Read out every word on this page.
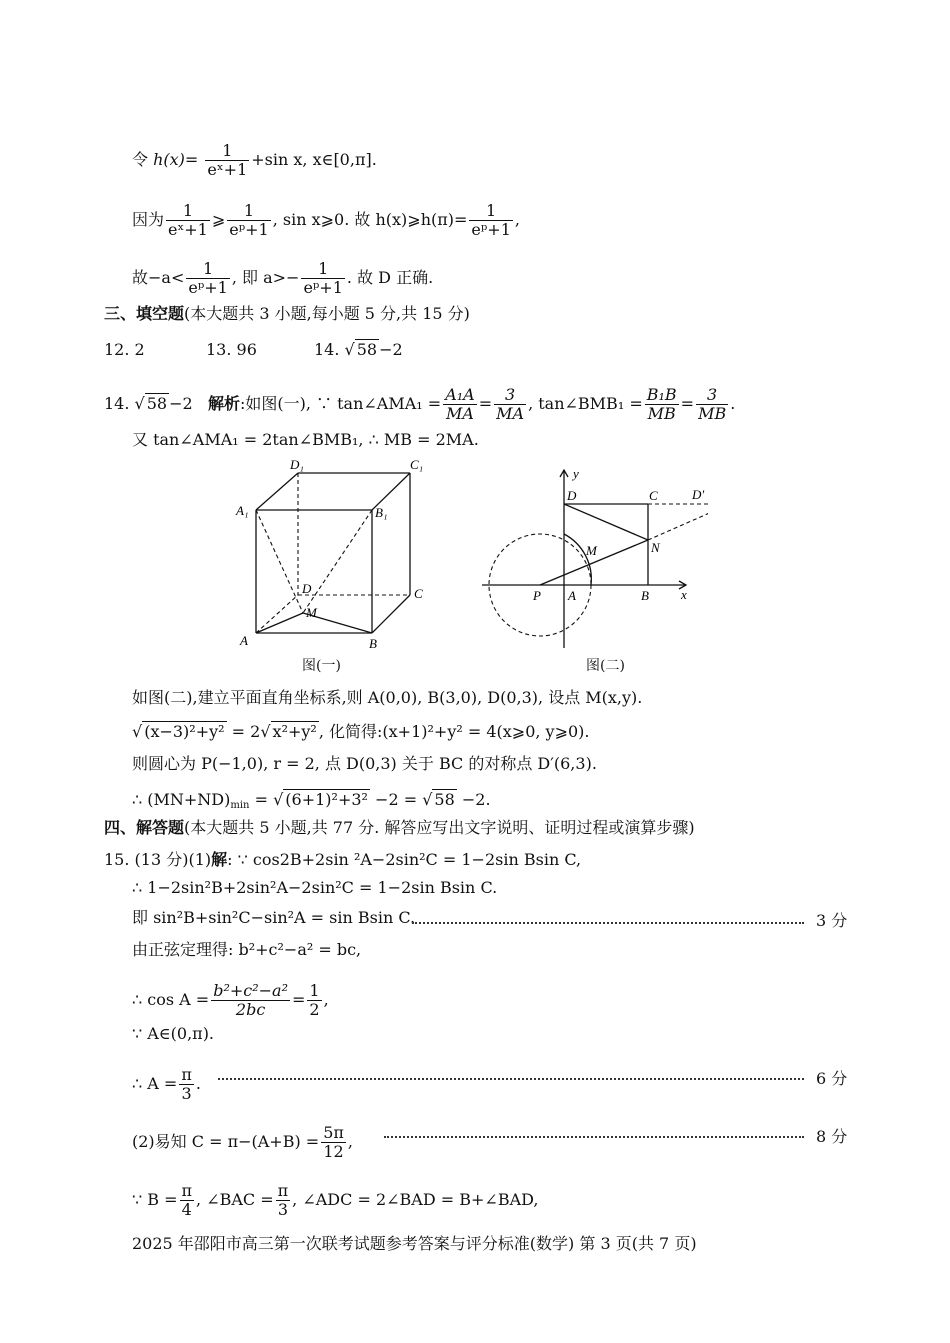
令 $h(x)= \frac{1}{\text{eˣ+1}} +\sin$ x, x∈[0,π].
因为 $\frac{1}{\text{eˣ+1}}$ ⩾ $\frac{1}{\text{eᵖ+1}}$ , sin x⩾0. 故 h(x)⩾h(π)= $\frac{1}{\text{eᵖ+1}}$ ,
故$-a< \frac{1}{\text{eᵖ+1}}$ , 即 $a>- \frac{1}{\text{eᵖ+1}}$ . 故 D 正确.
三、填空题(本大题共 3 小题,每小题 5 分,共 15 分)
12. 2	13. 96	14. √ 58 −2
14. √ 58 −2 解析:如图(一), ∵ tan∠AMA₁ = $\frac{\text{A₁A}}{MA} = \frac{3}{MA}$ , tan∠BMB₁ = $\frac{\text{B₁B}}{MB} = \frac{3}{MB}$ .
又 tan∠AMA₁ = 2tan∠BMB₁, ∴ MB = 2MA.
A₁	B₁
C₁
D₁
A	B
C
D
M
图(一)
y
x
D	C	D′
M	N
P A	B
图(二)
如图(二),建立平面直角坐标系,则 A(0,0), B(3,0), D(0,3), 设点 M(x,y).
√ (x−3)²+y² = 2√ x²+y² , 化简得:(x+1)²+y² = 4(x⩾0, y⩾0).
则圆心为 P(−1,0), r = 2, 点 D(0,3) 关于 BC 的对称点 D′(6,3).
∴ $(MN+ND)_{min}$ = √ (6+1)²+3² −2 = √ 58 −2.
四、解答题(本大题共 5 小题,共 77 分. 解答应写出文字说明、证明过程或演算步骤)
15. (13 分)(1)解: ∵ cos2B+2sin ²A−2sin²C = 1−2sin Bsin C,
∴ 1−2sin²B+2sin²A−2sin²C = 1−2sin Bsin C.
即 sin²B+sin²C−sin²A = sin Bsin C.	3 分
由正弦定理得: b²+c²−a² = bc,
∴ $\cos A = \frac{\text{b²+c²−a²}}{2bc} = \frac{1}{2}$ ,
∵ A∈(0,π).
∴ $A = \frac{\pi}{3}$ .	6 分
(2)易知 $C = \pi-(A+B) = \frac{5\pi}{12}$ ,	8 分
∵ $B = \frac{\pi}{4}$ , ∠BAC = $\frac{\pi}{3}$ , ∠ADC = 2∠BAD = B+∠BAD,
2025 年邵阳市高三第一次联考试题参考答案与评分标准(数学) 第 3 页(共 7 页)
